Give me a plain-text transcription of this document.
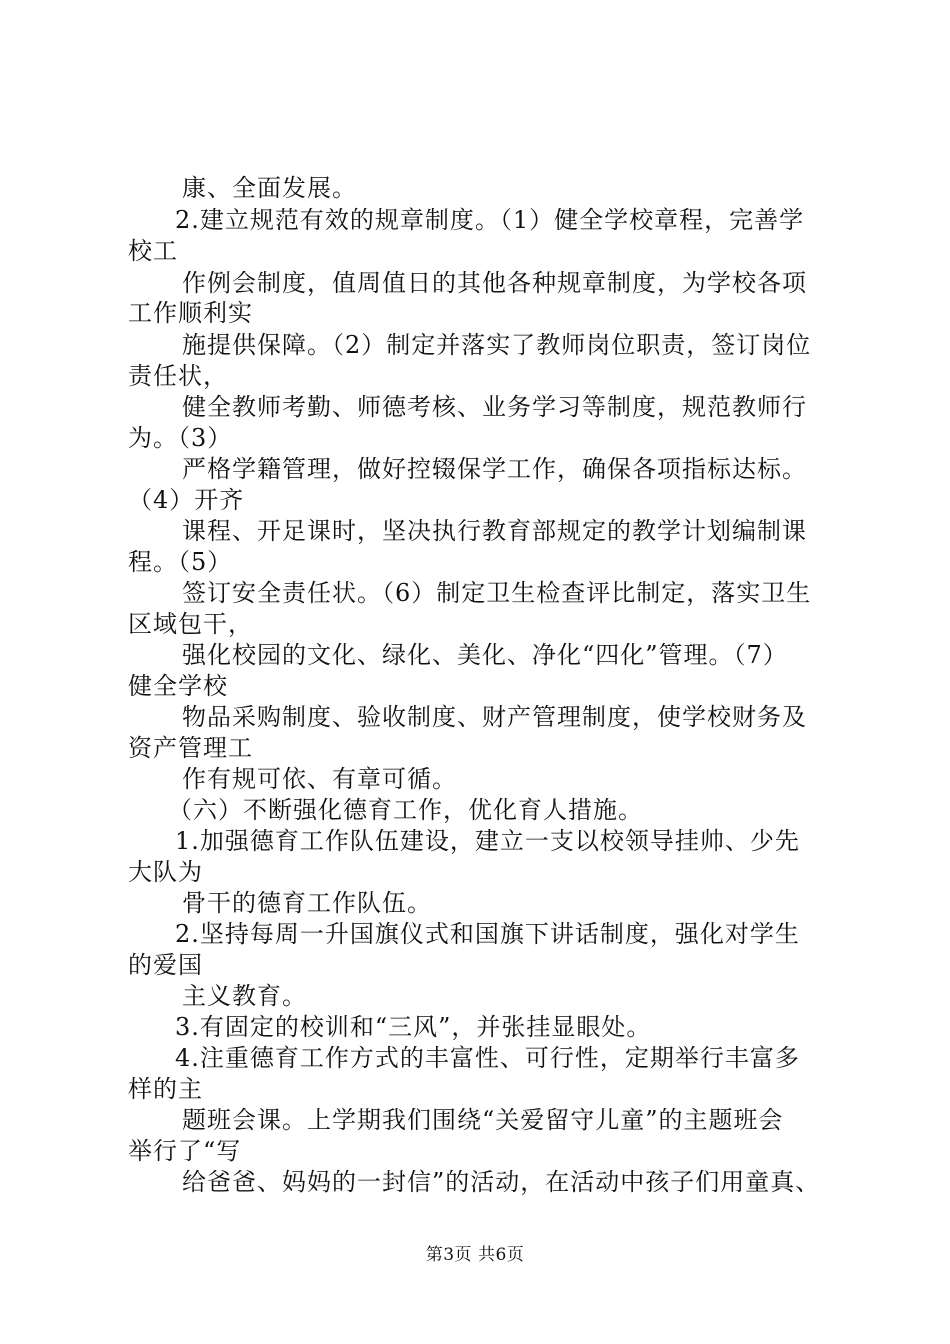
康、全面发展。
2.建立规范有效的规章制度。（1）健全学校章程，完善学
校工
作例会制度，值周值日的其他各种规章制度，为学校各项
工作顺利实
施提供保障。（2）制定并落实了教师岗位职责，签订岗位
责任状，
健全教师考勤、师德考核、业务学习等制度，规范教师行
为。（3）
严格学籍管理，做好控辍保学工作，确保各项指标达标。
（4）开齐
课程、开足课时，坚决执行教育部规定的教学计划编制课
程。（5）
签订安全责任状。（6）制定卫生检查评比制定，落实卫生
区域包干，
强化校园的文化、绿化、美化、净化“四化”管理。（7）
健全学校
物品采购制度、验收制度、财产管理制度，使学校财务及
资产管理工
作有规可依、有章可循。
（六）不断强化德育工作，优化育人措施。
1.加强德育工作队伍建设，建立一支以校领导挂帅、少先
大队为
骨干的德育工作队伍。
2.坚持每周一升国旗仪式和国旗下讲话制度，强化对学生
的爱国
主义教育。
3.有固定的校训和“三风”，并张挂显眼处。
4.注重德育工作方式的丰富性、可行性，定期举行丰富多
样的主
题班会课。上学期我们围绕“关爱留守儿童”的主题班会
举行了“写
给爸爸、妈妈的一封信”的活动，在活动中孩子们用童真、
第3页 共6页
